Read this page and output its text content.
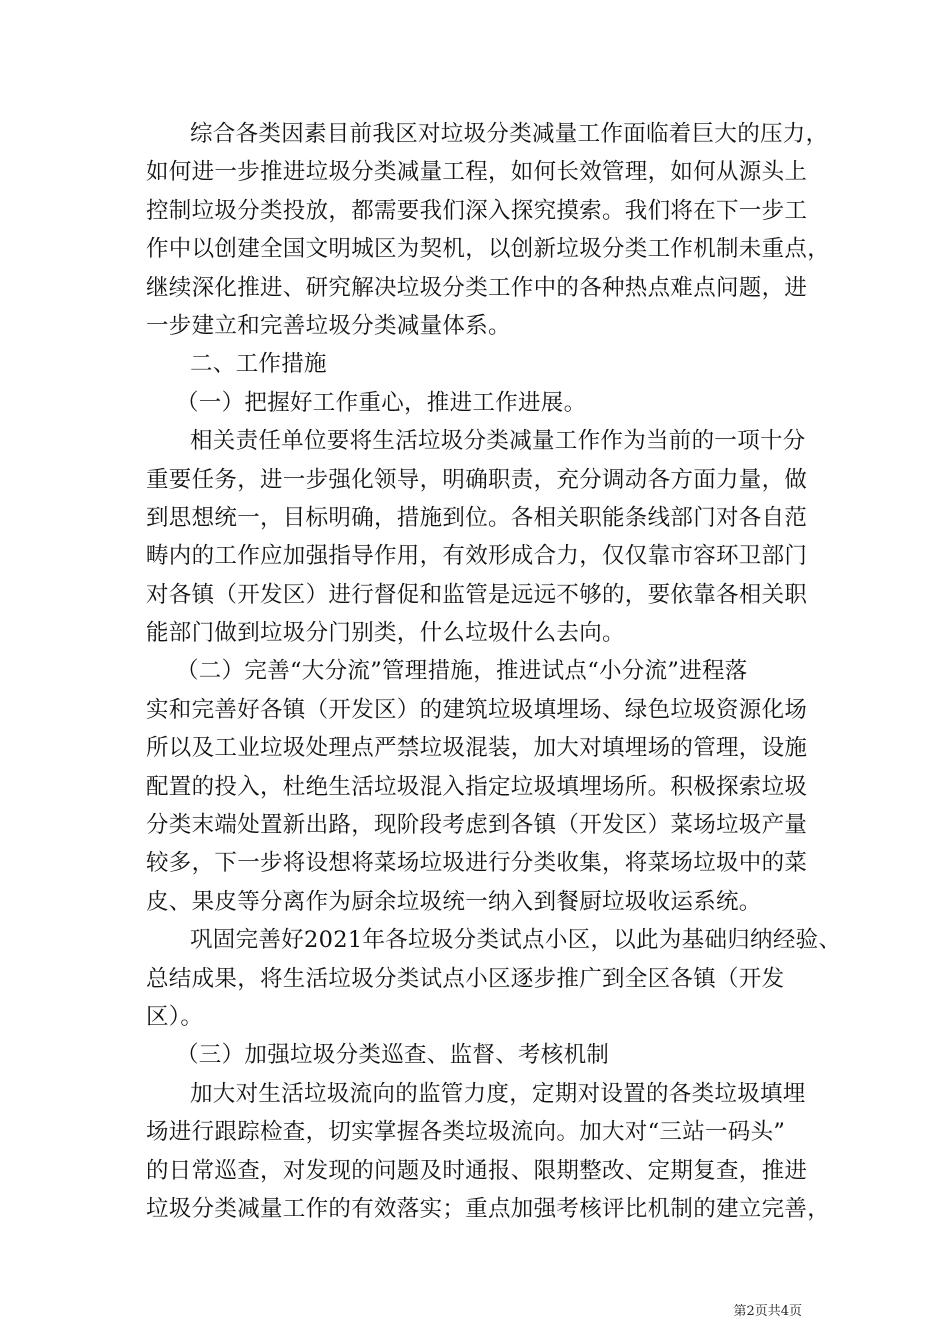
综合各类因素目前我区对垃圾分类减量工作面临着巨大的压力，
如何进一步推进垃圾分类减量工程，如何长效管理，如何从源头上
控制垃圾分类投放，都需要我们深入探究摸索。我们将在下一步工
作中以创建全国文明城区为契机，以创新垃圾分类工作机制未重点，
继续深化推进、研究解决垃圾分类工作中的各种热点难点问题，进
一步建立和完善垃圾分类减量体系。
二、工作措施
（一）把握好工作重心，推进工作进展。
相关责任单位要将生活垃圾分类减量工作作为当前的一项十分
重要任务，进一步强化领导，明确职责，充分调动各方面力量，做
到思想统一，目标明确，措施到位。各相关职能条线部门对各自范
畴内的工作应加强指导作用，有效形成合力，仅仅靠市容环卫部门
对各镇（开发区）进行督促和监管是远远不够的，要依靠各相关职
能部门做到垃圾分门别类，什么垃圾什么去向。
（二）完善“大分流”管理措施，推进试点“小分流”进程落
实和完善好各镇（开发区）的建筑垃圾填埋场、绿色垃圾资源化场
所以及工业垃圾处理点严禁垃圾混装，加大对填埋场的管理，设施
配置的投入，杜绝生活垃圾混入指定垃圾填埋场所。积极探索垃圾
分类末端处置新出路，现阶段考虑到各镇（开发区）菜场垃圾产量
较多，下一步将设想将菜场垃圾进行分类收集，将菜场垃圾中的菜
皮、果皮等分离作为厨余垃圾统一纳入到餐厨垃圾收运系统。
巩固完善好2021年各垃圾分类试点小区，以此为基础归纳经验、
总结成果，将生活垃圾分类试点小区逐步推广到全区各镇（开发
区）。
（三）加强垃圾分类巡查、监督、考核机制
加大对生活垃圾流向的监管力度，定期对设置的各类垃圾填埋
场进行跟踪检查，切实掌握各类垃圾流向。加大对“三站一码头”
的日常巡查，对发现的问题及时通报、限期整改、定期复查，推进
垃圾分类减量工作的有效落实；重点加强考核评比机制的建立完善，
第2页共4页
